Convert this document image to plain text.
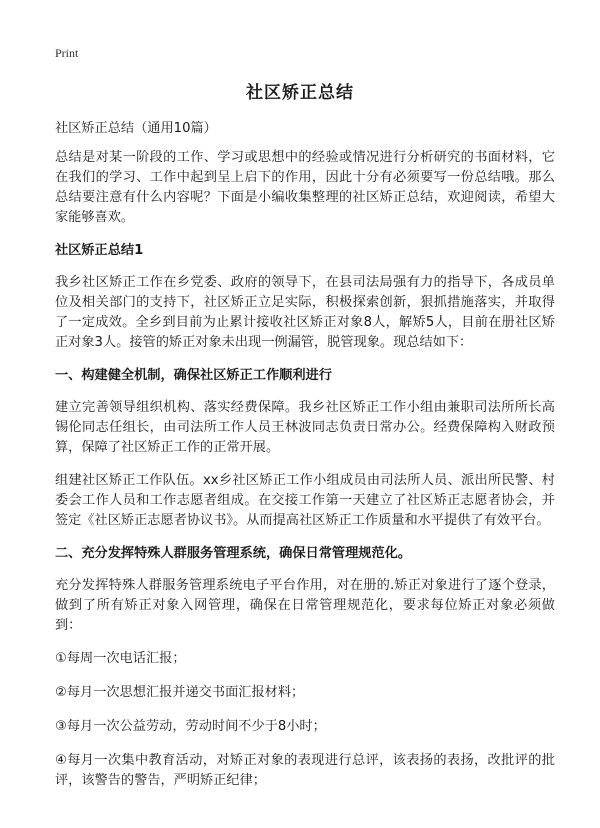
Print
社区矫正总结

社区矫正总结（通用10篇）

总结是对某一阶段的工作、学习或思想中的经验或情况进行分析研究的书面材料，它在我们的学习、工作中起到呈上启下的作用，因此十分有必须要写一份总结哦。那么总结要注意有什么内容呢？下面是小编收集整理的社区矫正总结，欢迎阅读，希望大家能够喜欢。

社区矫正总结1

我乡社区矫正工作在乡党委、政府的领导下，在县司法局强有力的指导下，各成员单位及相关部门的支持下，社区矫正立足实际，积极探索创新，狠抓措施落实，并取得了一定成效。全乡到目前为止累计接收社区矫正对象8人，解矫5人，目前在册社区矫正对象3人。接管的矫正对象未出现一例漏管，脱管现象。现总结如下：

一、构建健全机制，确保社区矫正工作顺利进行

建立完善领导组织机构、落实经费保障。我乡社区矫正工作小组由兼职司法所所长高锡伦同志任组长，由司法所工作人员王林波同志负责日常办公。经费保障构入财政预算，保障了社区矫正工作的正常开展。

组建社区矫正工作队伍。xx乡社区矫正工作小组成员由司法所人员、派出所民警、村委会工作人员和工作志愿者组成。在交接工作第一天建立了社区矫正志愿者协会，并签定《社区矫正志愿者协议书》。从而提高社区矫正工作质量和水平提供了有效平台。

二、充分发挥特殊人群服务管理系统，确保日常管理规范化。

充分发挥特殊人群服务管理系统电子平台作用，对在册的.矫正对象进行了逐个登录，做到了所有矫正对象入网管理，确保在日常管理规范化，要求每位矫正对象必须做到：

①每周一次电话汇报；

②每月一次思想汇报并递交书面汇报材料；

③每月一次公益劳动，劳动时间不少于8小时；

④每月一次集中教育活动，对矫正对象的表现进行总评，该表扬的表扬，改批评的批评，该警告的警告，严明矫正纪律；
